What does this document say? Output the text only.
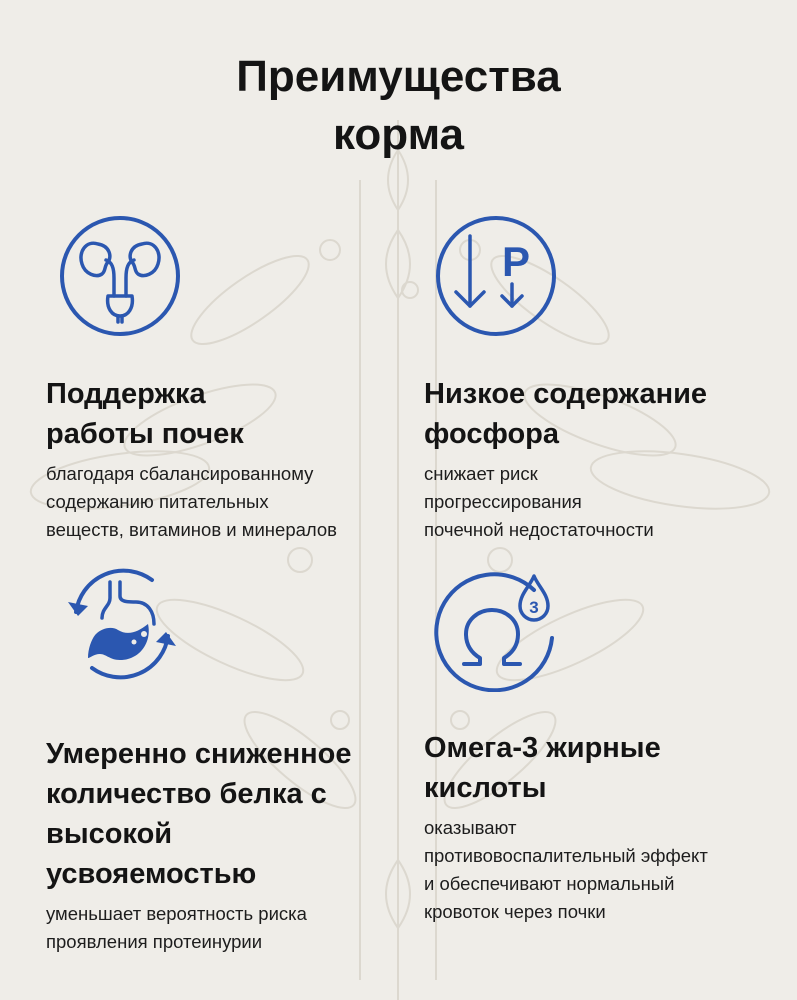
Преимущества
корма
Поддержка
работы почек

благодаря сбалансированному
содержанию питательных
веществ, витаминов и минералов

P
Низкое содержание
фосфора

снижает риск
прогрессирования
почечной недостаточности

Умеренно сниженное
количество белка с
высокой
усвояемостью

уменьшает вероятность риска
проявления протеинурии

3
Омега-3 жирные
кислоты

оказывают
противовоспалительный эффект
и обеспечивают нормальный
кровоток через почки
